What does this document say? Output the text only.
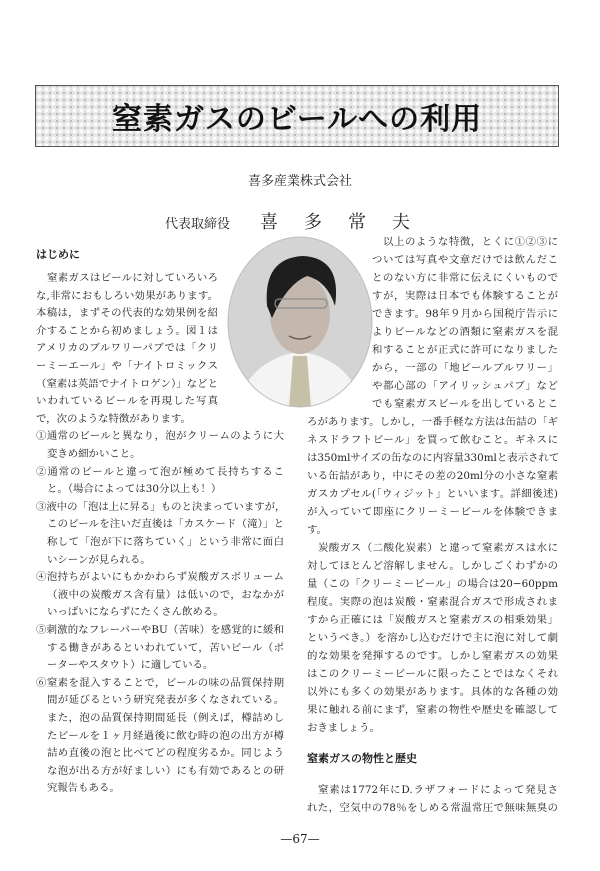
窒素ガスのビールへの利用
喜多産業株式会社
代表取締役 喜多常夫
はじめに
窒素ガスはビールに対していろいろ
な,非常におもしろい効果があります。
本稿は，まずその代表的な効果例を紹
介することから初めましょう。図１は
アメリカのブルワリーパブでは「クリ
ーミーエール」や「ナイトロミックス
（窒素は英語でナイトロゲン）」などと
いわれているビールを再現した写真
で，次のような特徴があります。
①通常のビールと異なり，泡がクリームのように大
変きめ細かいこと。
②通常のビールと違って泡が極めて長持ちするこ
と。（場合によっては30分以上も！）
③液中の「泡は上に昇る」ものと決まっていますが，
このビールを注いだ直後は「カスケード（滝）」と
称して「泡が下に落ちていく」という非常に面白
いシーンが見られる。
④泡持ちがよいにもかかわらず炭酸ガスボリューム
（液中の炭酸ガス含有量）は低いので，おなかが
いっぱいにならずにたくさん飲める。
⑤刺激的なフレーバーやBU（苦味）を感覚的に緩和
する働きがあるといわれていて，苦いビール（ポ
ーターやスタウト）に適している。
⑥窒素を混入することで，ビールの味の品質保持期
間が延びるという研究発表が多くなされている。
また，泡の品質保持期間延長（例えば，樽詰めし
たビールを１ヶ月経過後に飲む時の泡の出方が樽
詰め直後の泡と比べてどの程度劣るか。同じよう
な泡が出る方が好ましい）にも有効であるとの研
究報告もある。
以上のような特徴，とくに①②③に
ついては写真や文章だけでは飲んだこ
とのない方に非常に伝えにくいもので
すが，実際は日本でも体験することが
できます。98年９月から国税庁告示に
よりビールなどの酒類に窒素ガスを混
和することが正式に許可になりました
から，一部の「地ビールブルワリー」
や都心部の「アイリッシュパブ」など
でも窒素ガスビールを出しているとこ
ろがあります。しかし，一番手軽な方法は缶詰の「ギ
ネスドラフトビール」を買って飲むこと。ギネスに
は350mlサイズの缶なのに内容量330mlと表示されて
いる缶詰があり，中にその差の20ml分の小さな窒素
ガスカプセル(「ウィジット」といいます。詳細後述)
が入っていて即座にクリーミービールを体験できま
す。
炭酸ガス（二酸化炭素）と違って窒素ガスは水に
対してほとんど溶解しません。しかしごくわずかの
量（この「クリーミービール」の場合は20−60ppm
程度。実際の泡は炭酸・窒素混合ガスで形成されま
すから正確には「炭酸ガスと窒素ガスの相乗効果」
というべき。）を溶かし込むだけで主に泡に対して劇
的な効果を発揮するのです。しかし窒素ガスの効果
はこのクリーミービールに限ったことではなくそれ
以外にも多くの効果があります。具体的な各種の効
果に触れる前にまず，窒素の物性や歴史を確認して
おきましょう。
窒素は1772年にD.ラザフォードによって発見さ
れた，空気中の78％をしめる常温常圧で無味無臭の
窒素ガスの物性と歴史
—67—
